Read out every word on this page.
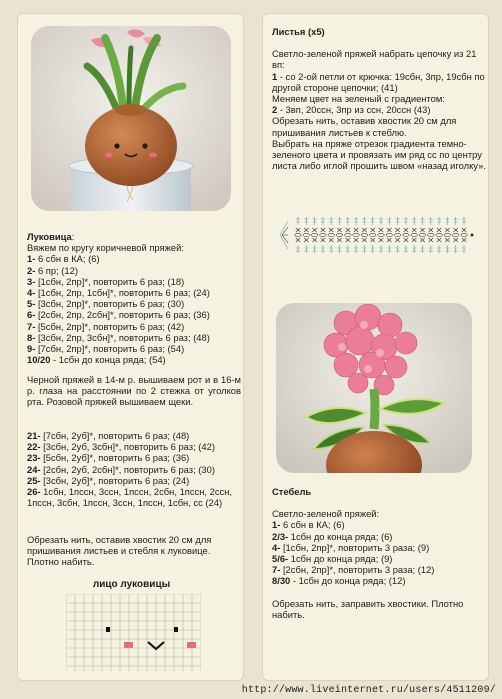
Луковица:

Вяжем по кругу коричневой пряжей:

1- 6 сбн в КА; (6)

2- 6 пр; (12)

3- [1сбн, 2пр]*, повторить 6 раз; (18)

4- [1сбн, 2пр, 1сбн]*, повторить 6 раз; (24)

5- [3сбн, 2пр]*, повторить 6 раз; (30)

6- [2сбн, 2пр, 2сбн]*, повторить 6 раз; (36)

7- [5сбн, 2пр]*, повторить 6 раз; (42)

8- [3сбн, 2пр, 3сбн]*, повторить 6 раз; (48)

9- [7сбн, 2пр]*, повторить 6 раз; (54)

10/20 - 1сбн до конца ряда; (54)

Черной пряжей в 14-м р. вышиваем рот и в 16-м р. глаза на расстоянии по 2 стежка от уголков рта. Розовой пряжей вышиваем щеки.

21- [7сбн, 2уб]*, повторить 6 раз; (48)

22- [3сбн, 2уб, 3сбн]*, повторить 6 раз; (42)

23- [5сбн, 2уб]*, повторить 6 раз; (36)

24- [2сбн, 2уб, 2сбн]*, повторить 6 раз; (30)

25- [3сбн, 2уб]*, повторить 6 раз; (24)

26- 1сбн, 1пссн, 3ссн, 1пссн, 2сбн, 1пссн, 2ссн, 1пссн, 3сбн, 1пссн, 3ссн, 1пссн, 1сбн, сс (24)

Обрезать нить, оставив хвостик 20 см для пришивания листьев и стебля к луковице. Плотно набить.

лицо луковицы

Листья (х5)

Светло-зеленой пряжей набрать цепочку из 21 вп:

1 - со 2-ой петли от крючка: 19сбн, 3пр, 19сбн по другой стороне цепочки; (41)

Меняем цвет на зеленый с градиентом:

2 - 3вп, 20ссн, 3пр из ссн, 20ссн (43)

Обрезать нить, оставив хвостик 20 см для пришивания листьев к стеблю.

Выбрать на пряже отрезок градиента темно-зеленого цвета и провязать им ряд сс по центру листа либо иглой прошить швом «назад иголку».

Стебель

Светло-зеленой пряжей:

1- 6 сбн в КА; (6)

2/3- 1сбн до конца ряда; (6)

4- [1сбн, 2пр]*, повторить 3 раза; (9)

5/6- 1сбн до конца ряда; (9)

7- [2сбн, 2пр]*, повторить 3 раза; (12)

8/30 - 1сбн до конца ряда; (12)

Обрезать нить, заправить хвостики. Плотно набить.

http://www.liveinternet.ru/users/4511209/
